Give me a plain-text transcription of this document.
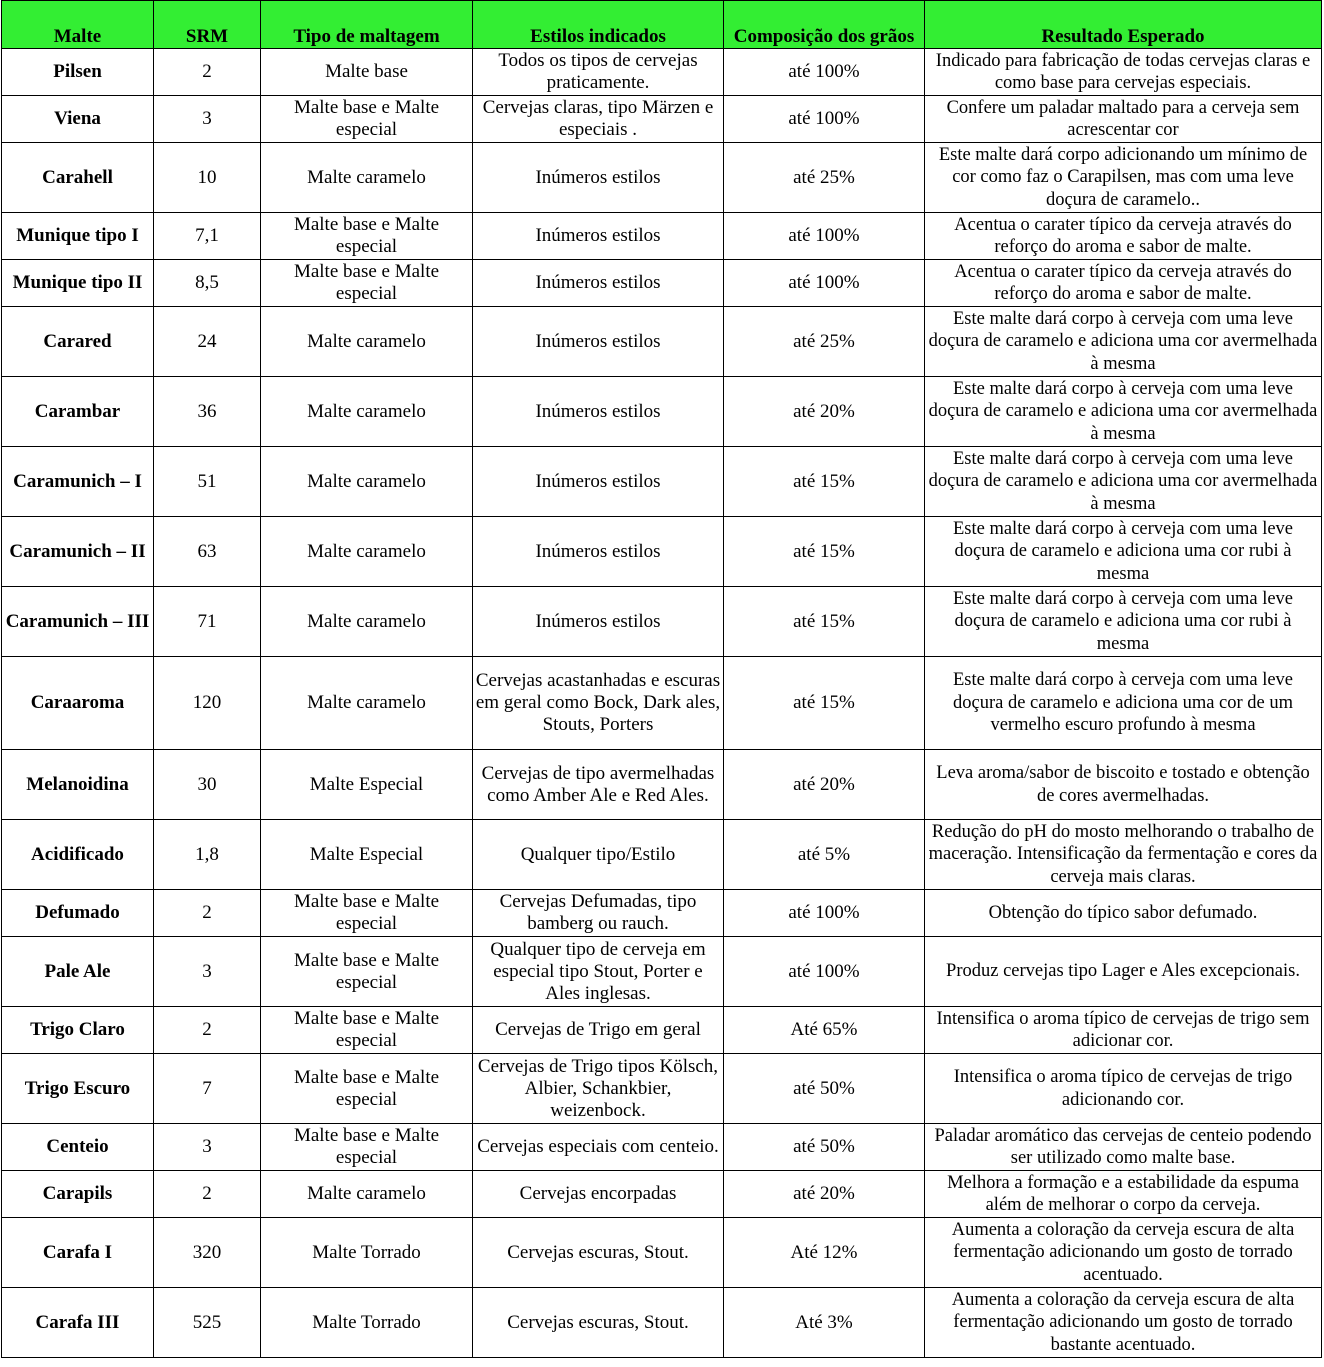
Malte	SRM	Tipo de maltagem	Estilos indicados	Composição dos grãos	Resultado Esperado
Pilsen	2	Malte base	Todos os tipos de cervejas praticamente.	até 100%	Indicado para fabricação de todas cervejas claras e como base para cervejas especiais.
Viena	3	Malte base e Malte especial	Cervejas claras, tipo Märzen e especiais .	até 100%	Confere um paladar maltado para a cerveja sem acrescentar cor
Carahell	10	Malte caramelo	Inúmeros estilos	até 25%	Este malte dará corpo adicionando um mínimo de cor como faz o Carapilsen, mas com uma leve doçura de caramelo..
Munique tipo I	7,1	Malte base e Malte especial	Inúmeros estilos	até 100%	Acentua o carater típico da cerveja através do reforço do aroma e sabor de malte.
Munique tipo II	8,5	Malte base e Malte especial	Inúmeros estilos	até 100%	Acentua o carater típico da cerveja através do reforço do aroma e sabor de malte.
Carared	24	Malte caramelo	Inúmeros estilos	até 25%	Este malte dará corpo à cerveja com uma leve doçura de caramelo e adiciona uma cor avermelhada à mesma
Carambar	36	Malte caramelo	Inúmeros estilos	até 20%	Este malte dará corpo à cerveja com uma leve doçura de caramelo e adiciona uma cor avermelhada à mesma
Caramunich – I	51	Malte caramelo	Inúmeros estilos	até 15%	Este malte dará corpo à cerveja com uma leve doçura de caramelo e adiciona uma cor avermelhada à mesma
Caramunich – II	63	Malte caramelo	Inúmeros estilos	até 15%	Este malte dará corpo à cerveja com uma leve doçura de caramelo e adiciona uma cor rubi à mesma
Caramunich – III	71	Malte caramelo	Inúmeros estilos	até 15%	Este malte dará corpo à cerveja com uma leve doçura de caramelo e adiciona uma cor rubi à mesma
Caraaroma	120	Malte caramelo	Cervejas acastanhadas e escuras em geral como Bock, Dark ales, Stouts, Porters	até 15%	Este malte dará corpo à cerveja com uma leve doçura de caramelo e adiciona uma cor de um vermelho escuro profundo à mesma
Melanoidina	30	Malte Especial	Cervejas de tipo avermelhadas como Amber Ale e Red Ales.	até 20%	Leva aroma/sabor de biscoito e tostado e obtenção de cores avermelhadas.
Acidificado	1,8	Malte Especial	Qualquer tipo/Estilo	até 5%	Redução do pH do mosto melhorando o trabalho de maceração. Intensificação da fermentação e cores da cerveja mais claras.
Defumado	2	Malte base e Malte especial	Cervejas Defumadas, tipo bamberg ou rauch.	até 100%	Obtenção do típico sabor defumado.
Pale Ale	3	Malte base e Malte especial	Qualquer tipo de cerveja em especial tipo Stout, Porter e Ales inglesas.	até 100%	Produz cervejas tipo Lager e Ales excepcionais.
Trigo Claro	2	Malte base e Malte especial	Cervejas de Trigo em geral	Até 65%	Intensifica o aroma típico de cervejas de trigo sem adicionar cor.
Trigo Escuro	7	Malte base e Malte especial	Cervejas de Trigo tipos Kölsch, Albier, Schankbier, weizenbock.	até 50%	Intensifica o aroma típico de cervejas de trigo adicionando cor.
Centeio	3	Malte base e Malte especial	Cervejas especiais com centeio.	até 50%	Paladar aromático das cervejas de centeio podendo ser utilizado como malte base.
Carapils	2	Malte caramelo	Cervejas encorpadas	até 20%	Melhora a formação e a estabilidade da espuma além de melhorar o corpo da cerveja.
Carafa I	320	Malte Torrado	Cervejas escuras, Stout.	Até 12%	Aumenta a coloração da cerveja escura de alta fermentação adicionando um gosto de torrado acentuado.
Carafa III	525	Malte Torrado	Cervejas escuras, Stout.	Até 3%	Aumenta a coloração da cerveja escura de alta fermentação adicionando um gosto de torrado bastante acentuado.
